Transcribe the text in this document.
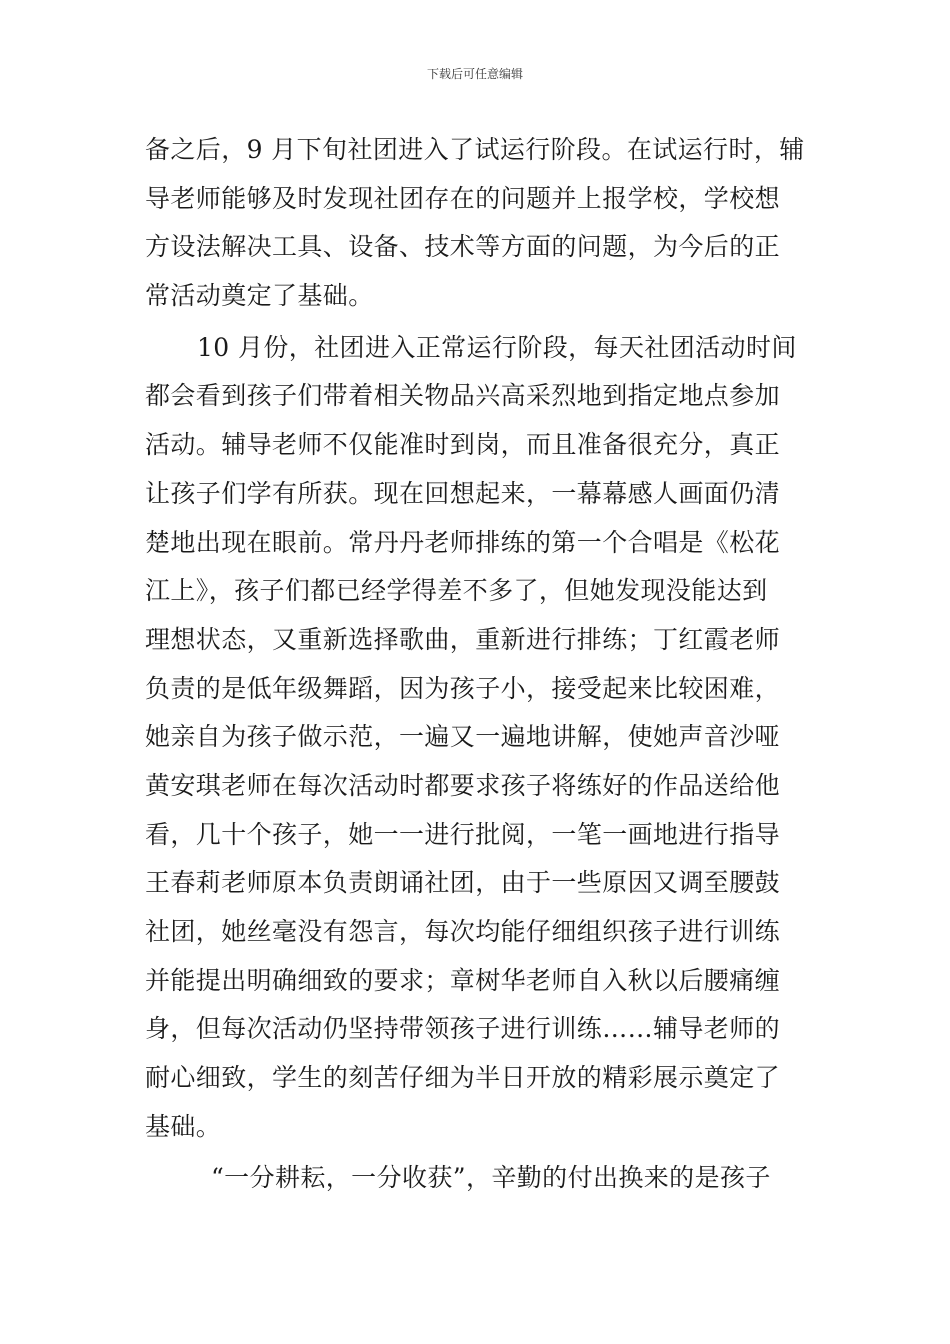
下载后可任意编辑
备之后，9 月下旬社团进入了试运行阶段。在试运行时，辅
导老师能够及时发现社团存在的问题并上报学校，学校想
方设法解决工具、设备、技术等方面的问题，为今后的正
常活动奠定了基础。
10 月份，社团进入正常运行阶段，每天社团活动时间
都会看到孩子们带着相关物品兴高采烈地到指定地点参加
活动。辅导老师不仅能准时到岗，而且准备很充分，真正
让孩子们学有所获。现在回想起来，一幕幕感人画面仍清
楚地出现在眼前。常丹丹老师排练的第一个合唱是《松花
江上》，孩子们都已经学得差不多了，但她发现没能达到
理想状态，又重新选择歌曲，重新进行排练；丁红霞老师
负责的是低年级舞蹈，因为孩子小，接受起来比较困难，
她亲自为孩子做示范，一遍又一遍地讲解，使她声音沙哑
黄安琪老师在每次活动时都要求孩子将练好的作品送给他
看，几十个孩子，她一一进行批阅，一笔一画地进行指导
王春莉老师原本负责朗诵社团，由于一些原因又调至腰鼓
社团，她丝毫没有怨言，每次均能仔细组织孩子进行训练
并能提出明确细致的要求；章树华老师自入秋以后腰痛缠
身，但每次活动仍坚持带领孩子进行训练……辅导老师的
耐心细致，学生的刻苦仔细为半日开放的精彩展示奠定了
基础。
“一分耕耘，一分收获”，辛勤的付出换来的是孩子
